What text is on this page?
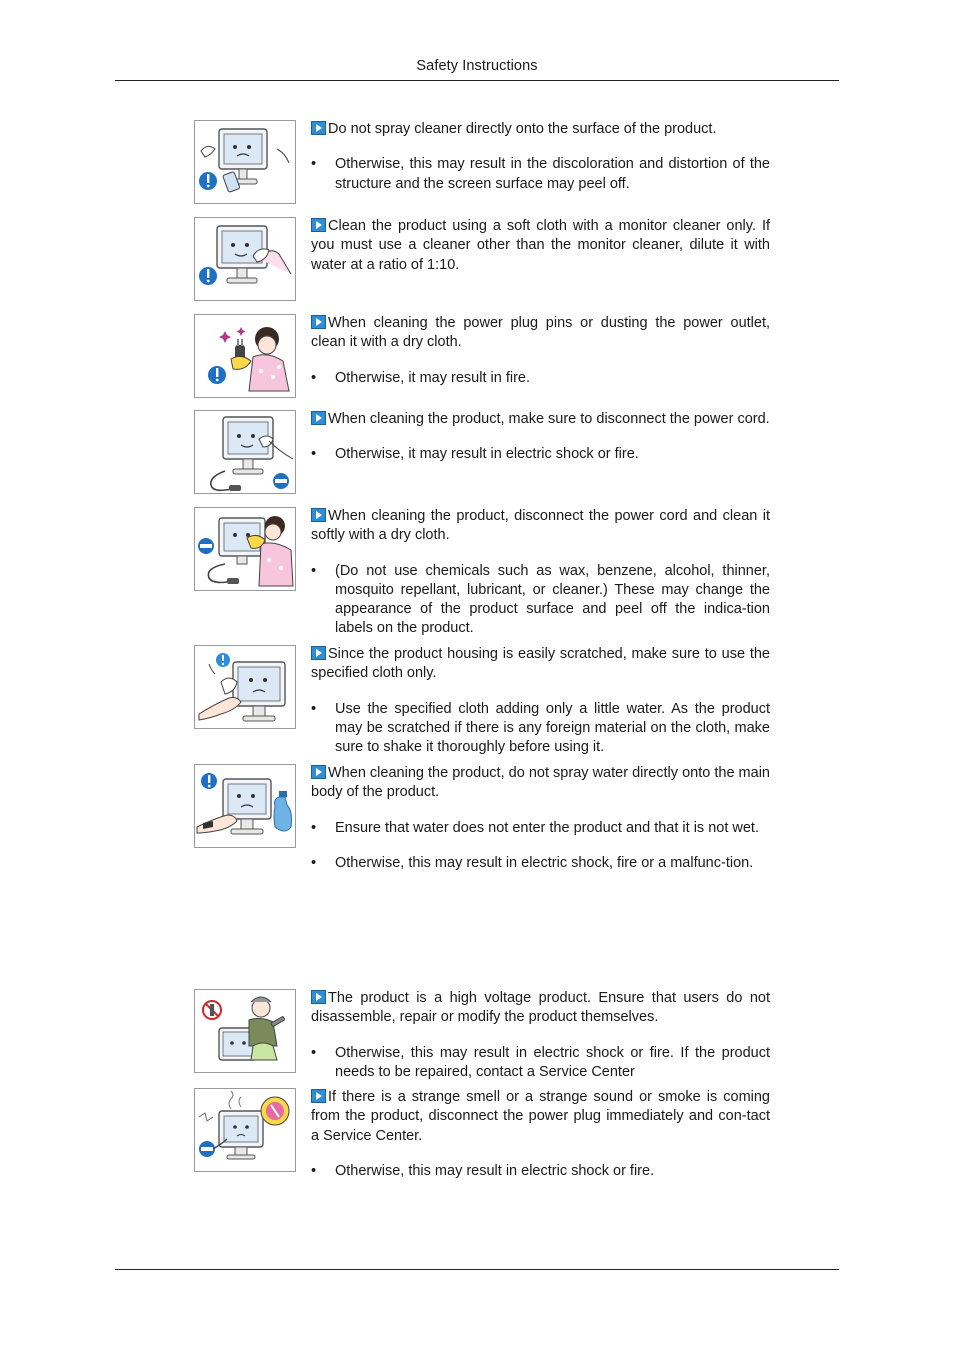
Safety Instructions

Do not spray cleaner directly onto the surface of the product.

• Otherwise, this may result in the discoloration and distortion of the structure and the screen surface may peel off.

Clean the product using a soft cloth with a monitor cleaner only. If you must use a cleaner other than the monitor cleaner, dilute it with water at a ratio of 1:10.

When cleaning the power plug pins or dusting the power outlet, clean it with a dry cloth.

• Otherwise, it may result in fire.

When cleaning the product, make sure to disconnect the power cord.

• Otherwise, it may result in electric shock or fire.

When cleaning the product, disconnect the power cord and clean it softly with a dry cloth.

• (Do not use chemicals such as wax, benzene, alcohol, thinner, mosquito repellant, lubricant, or cleaner.) These may change the appearance of the product surface and peel off the indica-tion labels on the product.

Since the product housing is easily scratched, make sure to use the specified cloth only.

• Use the specified cloth adding only a little water. As the product may be scratched if there is any foreign material on the cloth, make sure to shake it thoroughly before using it.

When cleaning the product, do not spray water directly onto the main body of the product.

• Ensure that water does not enter the product and that it is not wet.
• Otherwise, this may result in electric shock, fire or a malfunc-tion.

The product is a high voltage product. Ensure that users do not disassemble, repair or modify the product themselves.

• Otherwise, this may result in electric shock or fire. If the product needs to be repaired, contact a Service Center

If there is a strange smell or a strange sound or smoke is coming from the product, disconnect the power plug immediately and con-tact a Service Center.

• Otherwise, this may result in electric shock or fire.
